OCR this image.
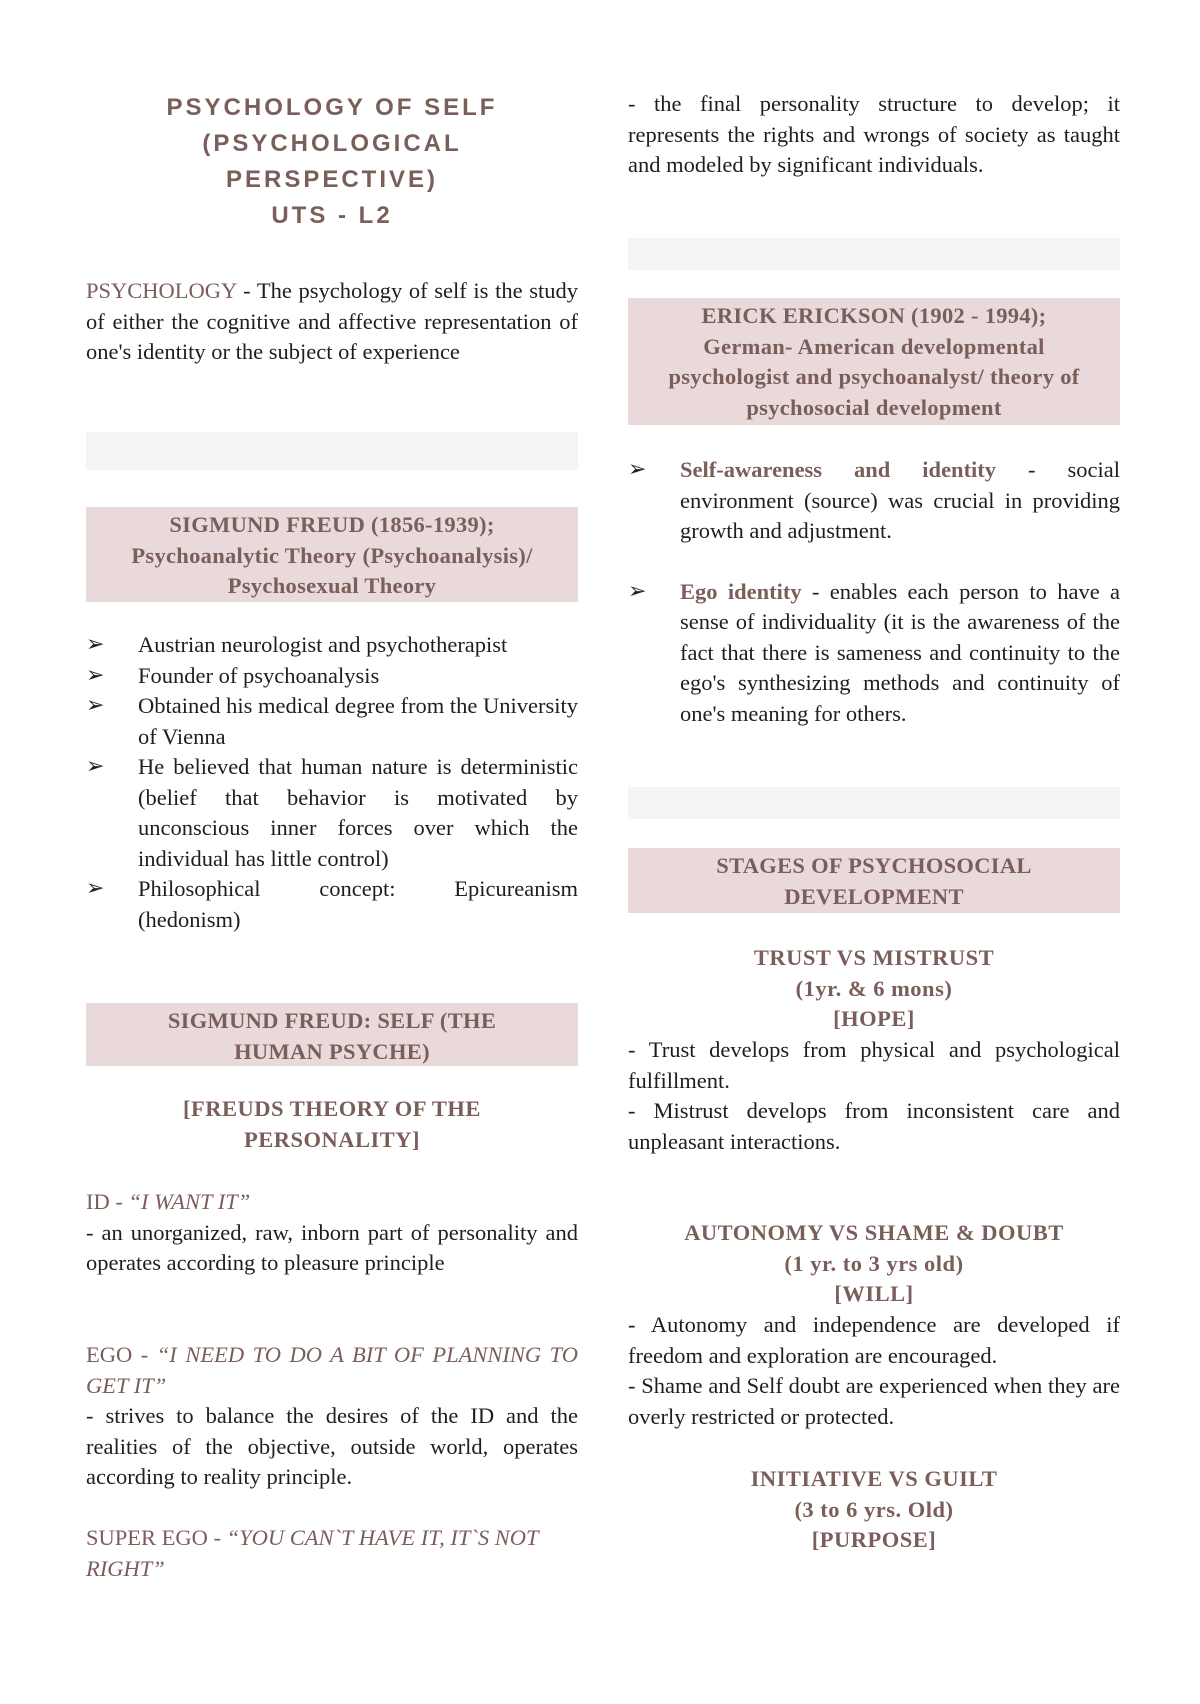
PSYCHOLOGY OF SELF
(PSYCHOLOGICAL
PERSPECTIVE)
UTS - L2

PSYCHOLOGY - The psychology of self is the study of either the cognitive and affective representation of one's identity or the subject of experience

SIGMUND FREUD (1856-1939);
Psychoanalytic Theory (Psychoanalysis)/
Psychosexual Theory
➢ Austrian neurologist and psychotherapist
➢ Founder of psychoanalysis
➢ Obtained his medical degree from the University of Vienna
➢ He believed that human nature is deterministic (belief that behavior is motivated by unconscious inner forces over which the individual has little control)
➢ Philosophical concept: Epicureanism (hedonism)
SIGMUND FREUD: SELF (THE
HUMAN PSYCHE)
[FREUDS THEORY OF THE
PERSONALITY]

ID - “I WANT IT”

- an unorganized, raw, inborn part of personality and operates according to pleasure principle

EGO - “I NEED TO DO A BIT OF PLANNING TO GET IT”

- strives to balance the desires of the ID and the realities of the objective, outside world, operates according to reality principle.

SUPER EGO - “YOU CAN`T HAVE IT, IT`S NOT RIGHT”

- the final personality structure to develop; it represents the rights and wrongs of society as taught and modeled by significant individuals.

ERICK ERICKSON (1902 - 1994);
German- American developmental
psychologist and psychoanalyst/ theory of
psychosocial development
➢ Self-awareness and identity - social environment (source) was crucial in providing growth and adjustment.
➢ Ego identity - enables each person to have a sense of individuality (it is the awareness of the fact that there is sameness and continuity to the ego's synthesizing methods and continuity of one's meaning for others.
STAGES OF PSYCHOSOCIAL
DEVELOPMENT
TRUST VS MISTRUST
(1yr. & 6 mons)
[HOPE]

- Trust develops from physical and psychological fulfillment.

- Mistrust develops from inconsistent care and unpleasant interactions.

AUTONOMY VS SHAME & DOUBT
(1 yr. to 3 yrs old)
[WILL]

- Autonomy and independence are developed if freedom and exploration are encouraged.

- Shame and Self doubt are experienced when they are overly restricted or protected.

INITIATIVE VS GUILT
(3 to 6 yrs. Old)
[PURPOSE]
